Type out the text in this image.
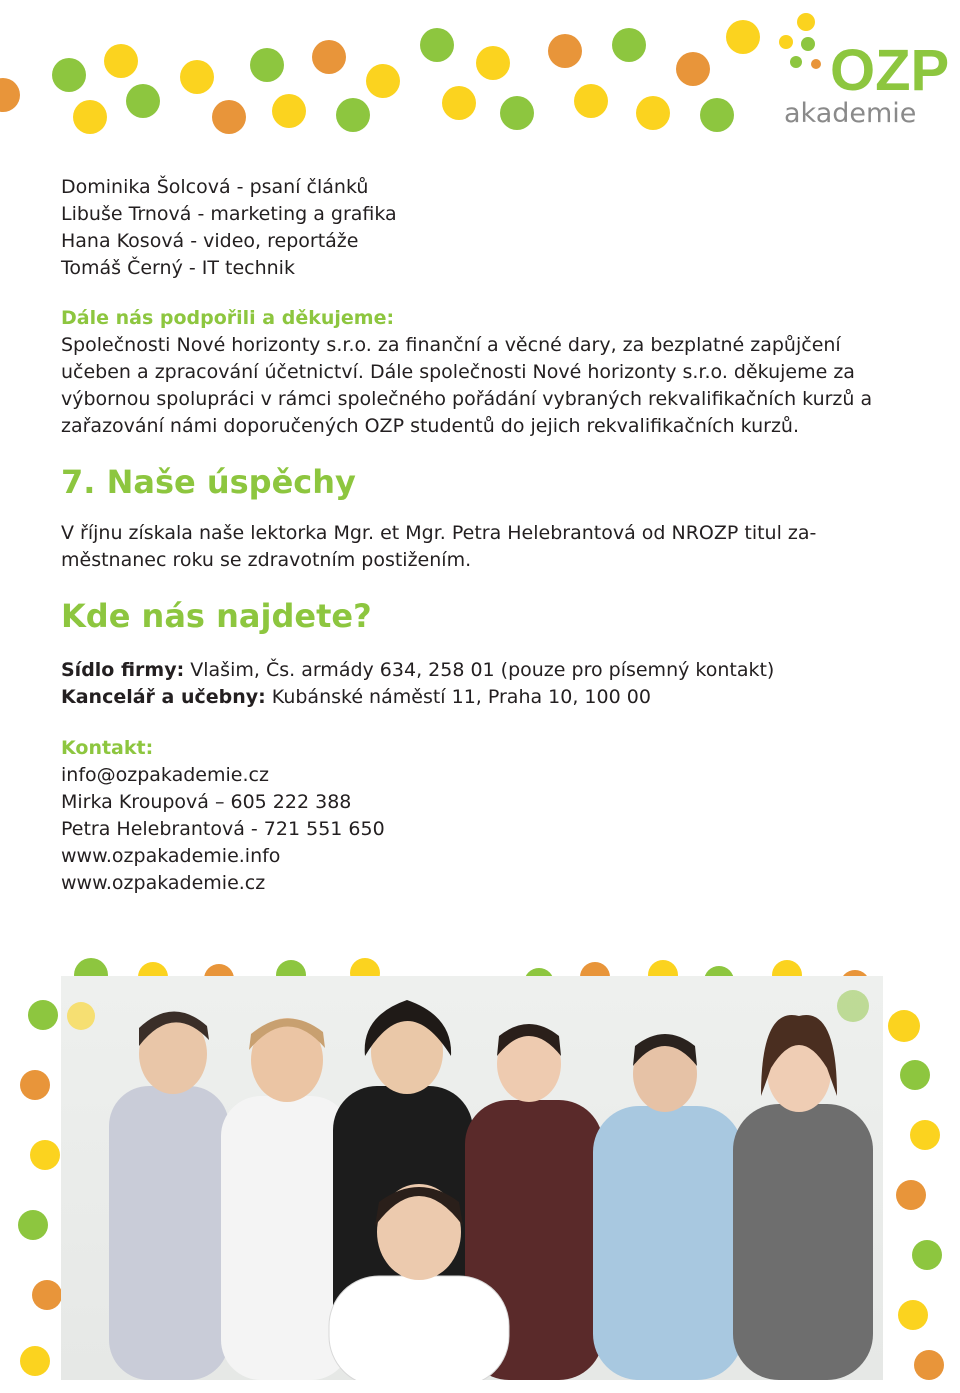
OZP
akademie
Dominika Šolcová - psaní článků
Libuše Trnová - marketing a grafika
Hana Kosová - video, reportáže
Tomáš Černý - IT technik
Dále nás podpořili a děkujeme:
Společnosti Nové horizonty s.r.o. za finanční a věcné dary, za bezplatné zapůjčení
učeben a zpracování účetnictví. Dále společnosti Nové horizonty s.r.o. děkujeme za
výbornou spolupráci v rámci společného pořádání vybraných rekvalifikačních kurzů a
zařazování námi doporučených OZP studentů do jejich rekvalifikačních kurzů.
7. Naše úspěchy
V říjnu získala naše lektorka Mgr. et Mgr. Petra Helebrantová od NROZP titul za-
městnanec roku se zdravotním postižením.
Kde nás najdete?
Sídlo firmy: Vlašim, Čs. armády 634, 258 01 (pouze pro písemný kontakt)
Kancelář a učebny: Kubánské náměstí 11, Praha 10, 100 00
Kontakt:
info@ozpakademie.cz
Mirka Kroupová – 605 222 388
Petra Helebrantová - 721 551 650
www.ozpakademie.info
www.ozpakademie.cz
